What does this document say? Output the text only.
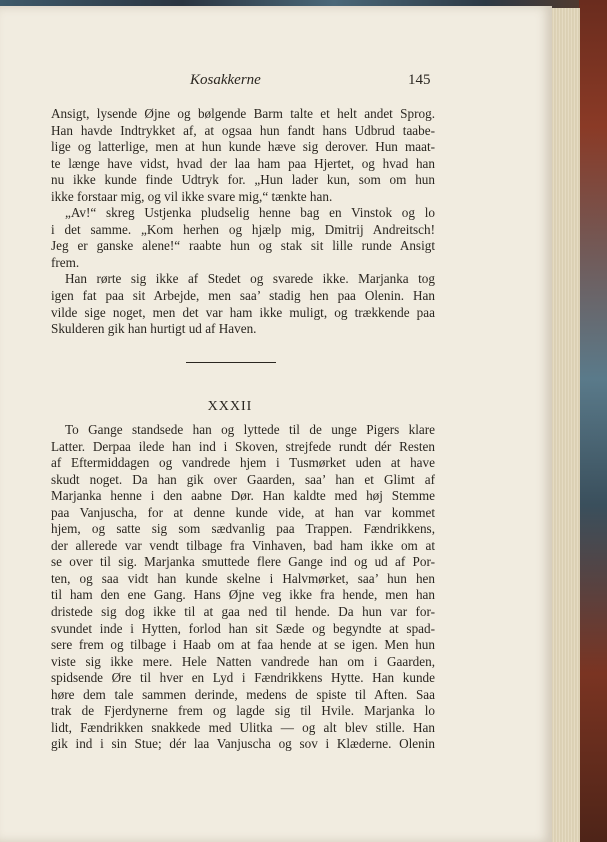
Kosakkerne	145
Ansigt, lysende Øjne og bølgende Barm talte et helt andet Sprog.
Han havde Indtrykket af, at ogsaa hun fandt hans Udbrud taabe-
lige og latterlige, men at hun kunde hæve sig derover. Hun maat-
te længe have vidst, hvad der laa ham paa Hjertet, og hvad han
nu ikke kunde finde Udtryk for. „Hun lader kun, som om hun
ikke forstaar mig, og vil ikke svare mig,“ tænkte han.
„Av!“ skreg Ustjenka pludselig henne bag en Vinstok og lo
i det samme. „Kom herhen og hjælp mig, Dmitrij Andreitsch!
Jeg er ganske alene!“ raabte hun og stak sit lille runde Ansigt
frem.
Han rørte sig ikke af Stedet og svarede ikke. Marjanka tog
igen fat paa sit Arbejde, men saa’ stadig hen paa Olenin. Han
vilde sige noget, men det var ham ikke muligt, og trækkende paa
Skulderen gik han hurtigt ud af Haven.
XXXII
To Gange standsede han og lyttede til de unge Pigers klare
Latter. Derpaa ilede han ind i Skoven, strejfede rundt dér Resten
af Eftermiddagen og vandrede hjem i Tusmørket uden at have
skudt noget. Da han gik over Gaarden, saa’ han et Glimt af
Marjanka henne i den aabne Dør. Han kaldte med høj Stemme
paa Vanjuscha, for at denne kunde vide, at han var kommet
hjem, og satte sig som sædvanlig paa Trappen. Fændrikkens,
der allerede var vendt tilbage fra Vinhaven, bad ham ikke om at
se over til sig. Marjanka smuttede flere Gange ind og ud af Por-
ten, og saa vidt han kunde skelne i Halvmørket, saa’ hun hen
til ham den ene Gang. Hans Øjne veg ikke fra hende, men han
dristede sig dog ikke til at gaa ned til hende. Da hun var for-
svundet inde i Hytten, forlod han sit Sæde og begyndte at spad-
sere frem og tilbage i Haab om at faa hende at se igen. Men hun
viste sig ikke mere. Hele Natten vandrede han om i Gaarden,
spidsende Øre til hver en Lyd i Fændrikkens Hytte. Han kunde
høre dem tale sammen derinde, medens de spiste til Aften. Saa
trak de Fjerdynerne frem og lagde sig til Hvile. Marjanka lo
lidt, Fændrikken snakkede med Ulitka — og alt blev stille. Han
gik ind i sin Stue; dér laa Vanjuscha og sov i Klæderne. Olenin
